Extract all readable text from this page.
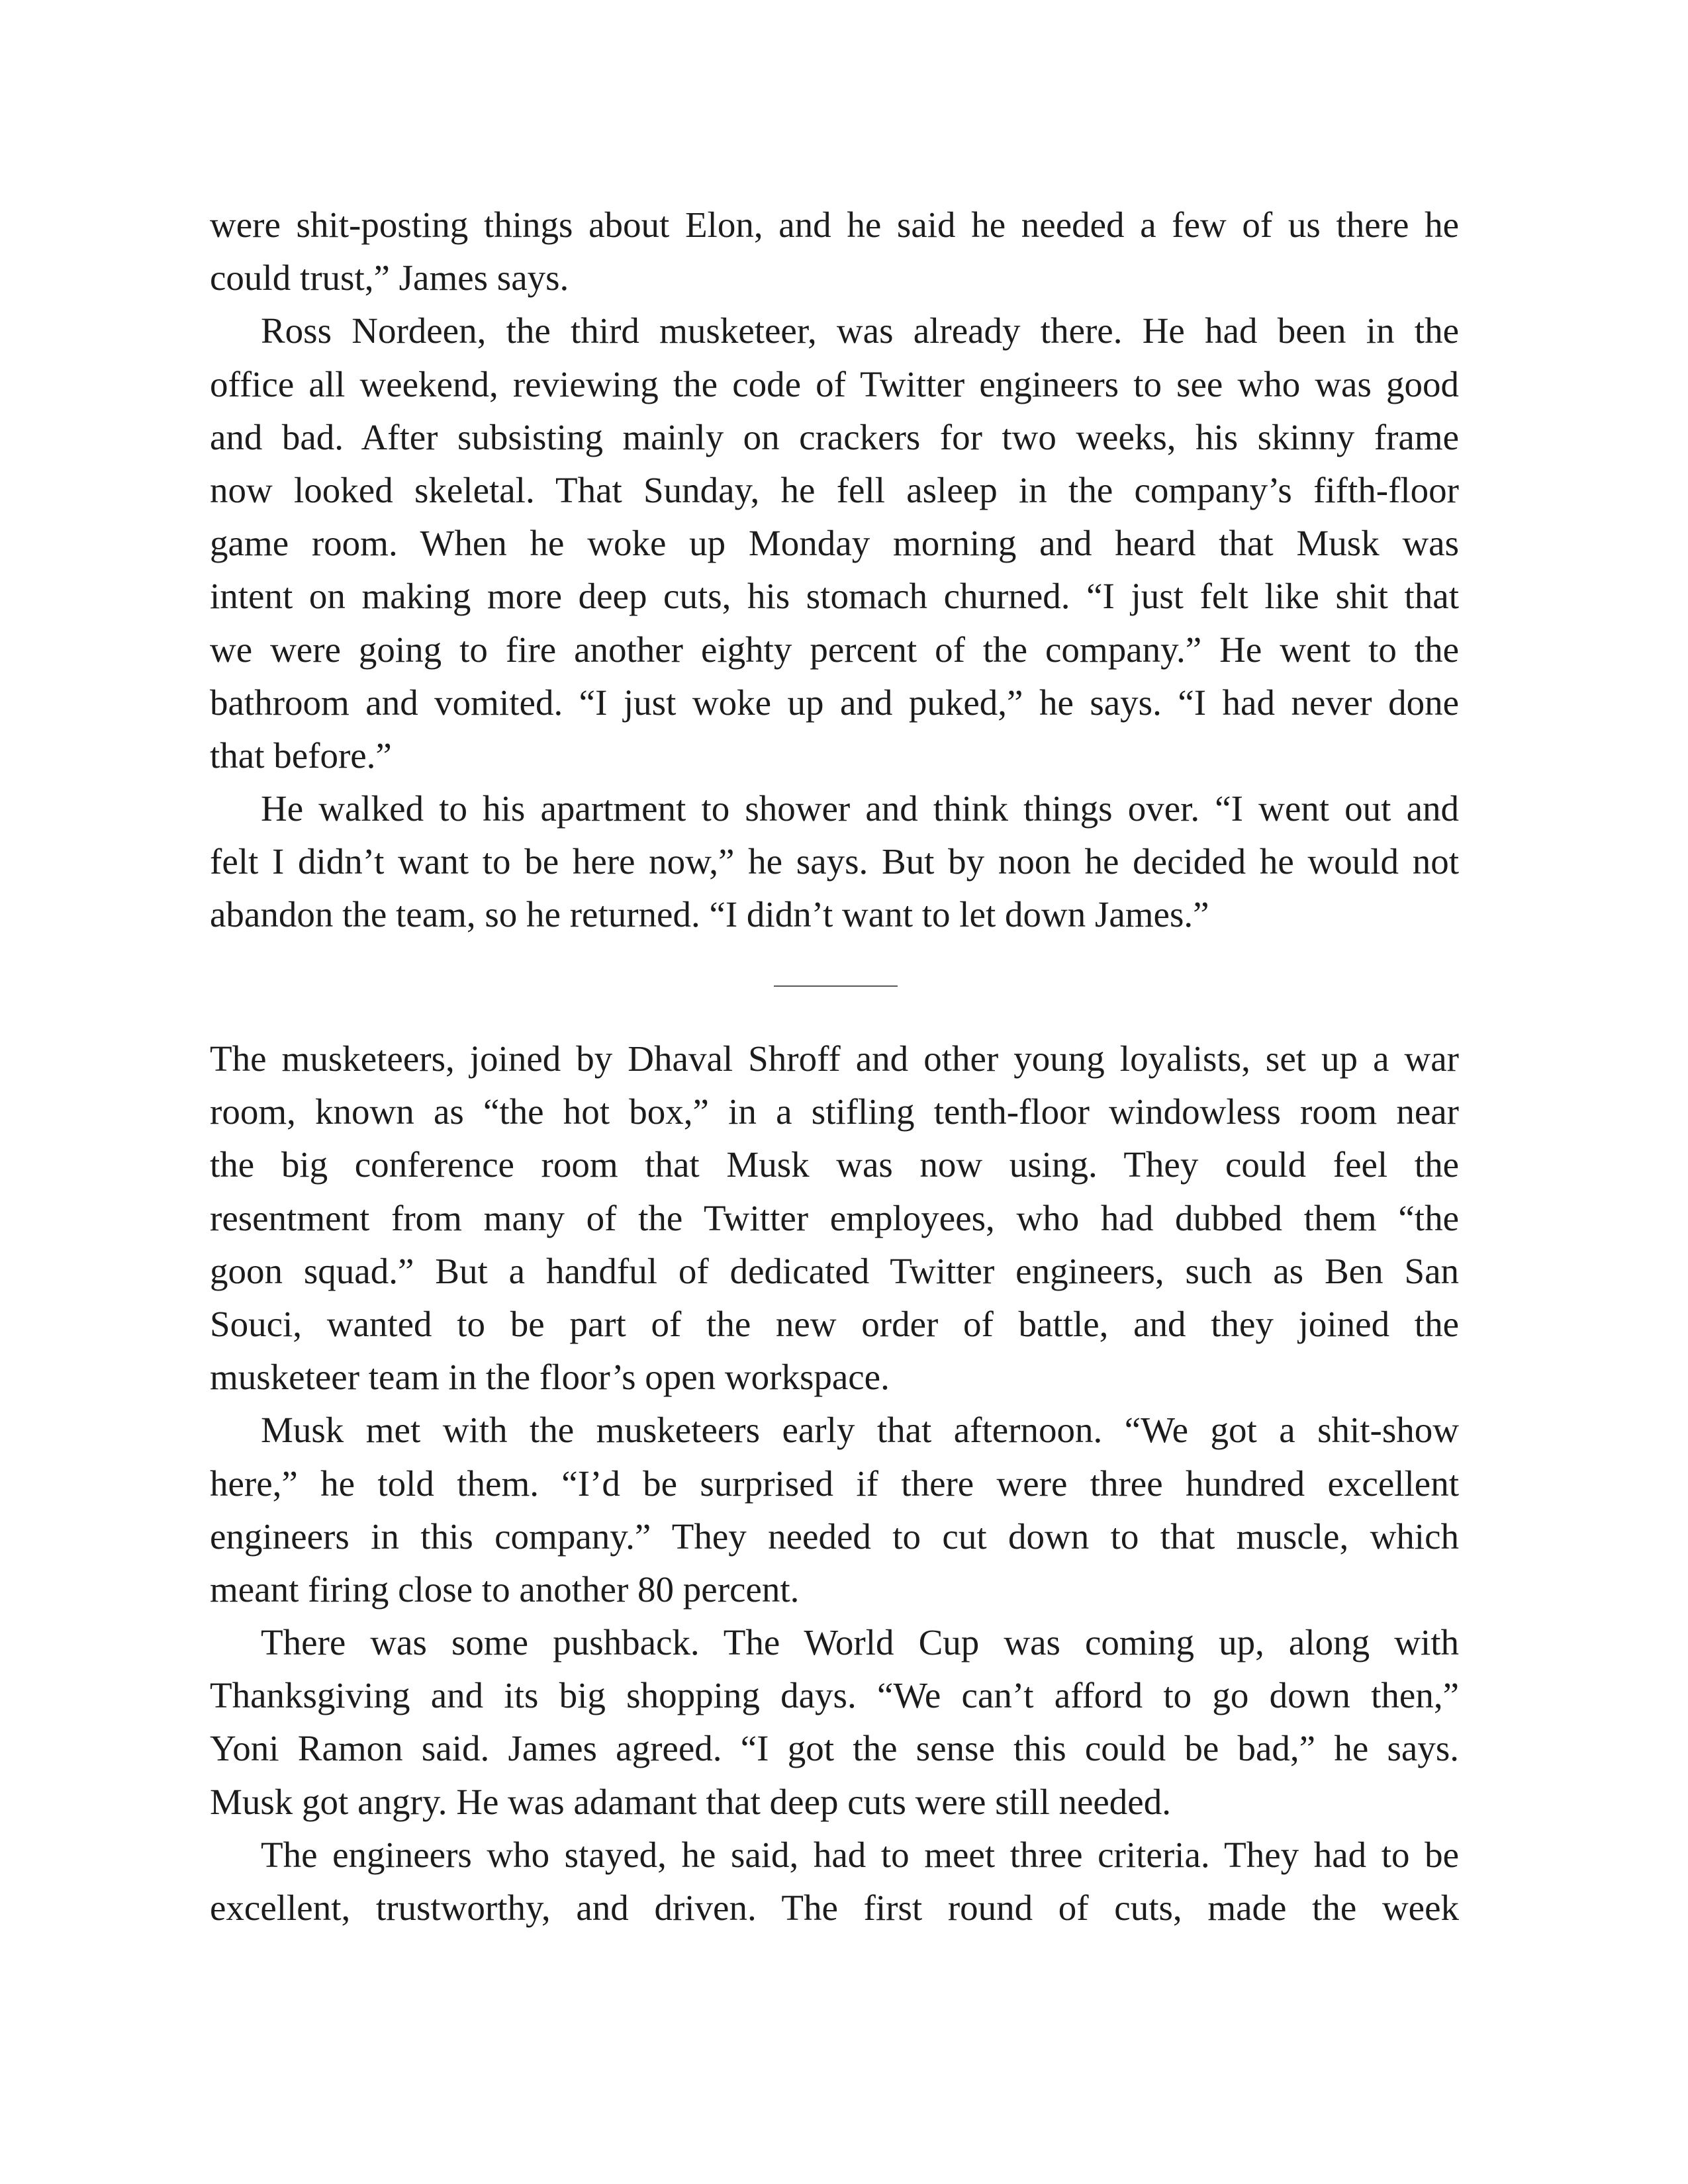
were shit-posting things about Elon, and he said he needed a few of us there he
could trust,” James says.
Ross Nordeen, the third musketeer, was already there. He had been in the
office all weekend, reviewing the code of Twitter engineers to see who was good
and bad. After subsisting mainly on crackers for two weeks, his skinny frame
now looked skeletal. That Sunday, he fell asleep in the company’s fifth-floor
game room. When he woke up Monday morning and heard that Musk was
intent on making more deep cuts, his stomach churned. “I just felt like shit that
we were going to fire another eighty percent of the company.” He went to the
bathroom and vomited. “I just woke up and puked,” he says. “I had never done
that before.”
He walked to his apartment to shower and think things over. “I went out and
felt I didn’t want to be here now,” he says. But by noon he decided he would not
abandon the team, so he returned. “I didn’t want to let down James.”
The musketeers, joined by Dhaval Shroff and other young loyalists, set up a war
room, known as “the hot box,” in a stifling tenth-floor windowless room near
the big conference room that Musk was now using. They could feel the
resentment from many of the Twitter employees, who had dubbed them “the
goon squad.” But a handful of dedicated Twitter engineers, such as Ben San
Souci, wanted to be part of the new order of battle, and they joined the
musketeer team in the floor’s open workspace.
Musk met with the musketeers early that afternoon. “We got a shit-show
here,” he told them. “I’d be surprised if there were three hundred excellent
engineers in this company.” They needed to cut down to that muscle, which
meant firing close to another 80 percent.
There was some pushback. The World Cup was coming up, along with
Thanksgiving and its big shopping days. “We can’t afford to go down then,”
Yoni Ramon said. James agreed. “I got the sense this could be bad,” he says.
Musk got angry. He was adamant that deep cuts were still needed.
The engineers who stayed, he said, had to meet three criteria. They had to be
excellent, trustworthy, and driven. The first round of cuts, made the week
